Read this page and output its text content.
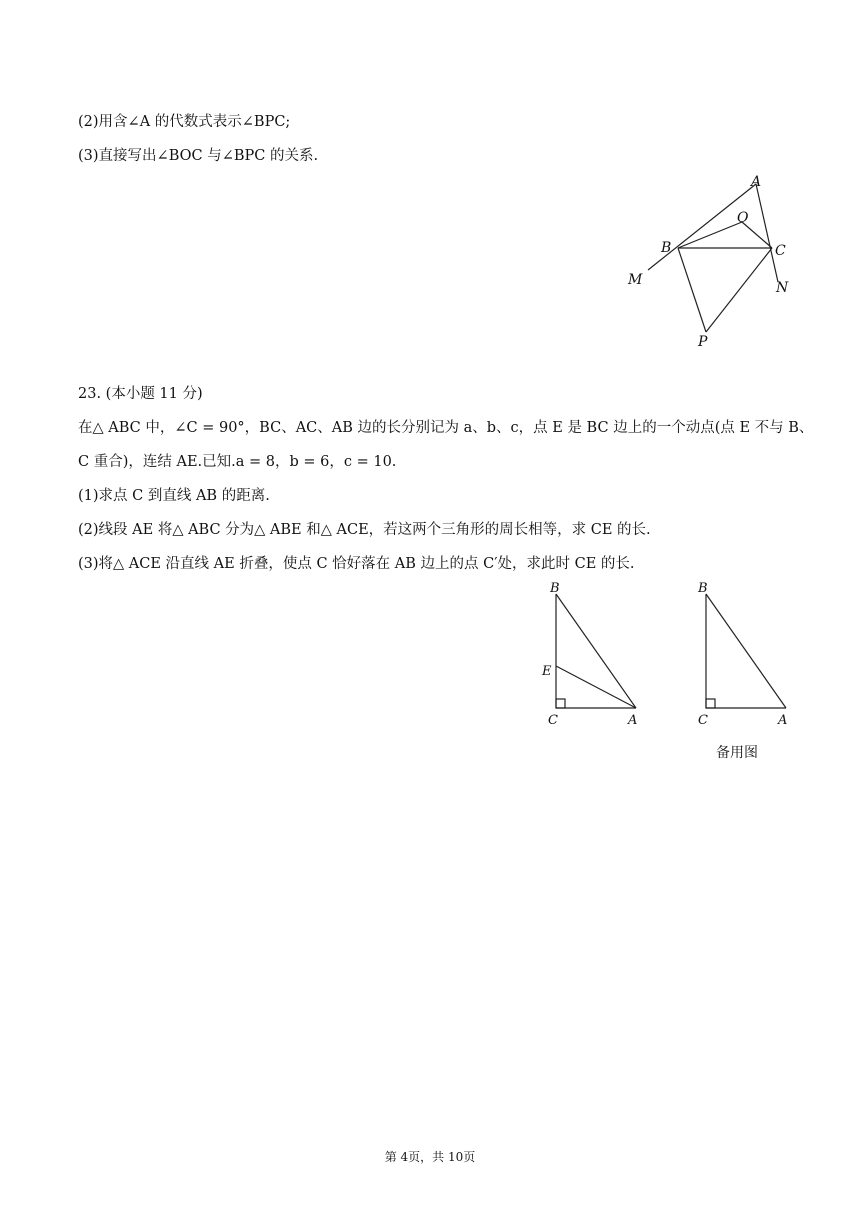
(2)用含∠A 的代数式表示∠BPC;
(3)直接写出∠BOC 与∠BPC 的关系.
A
O
B	C
M	N
P
23. (本小题 11 分)
在△ ABC 中，∠C = 90°，BC、AC、AB 边的长分别记为 a、b、c，点 E 是 BC 边上的一个动点(点 E 不与 B、
C 重合)，连结 AE.已知.a = 8，b = 6，c = 10.
(1)求点 C 到直线 AB 的距离.
(2)线段 AE 将△ ABC 分为△ ABE 和△ ACE，若这两个三角形的周长相等，求 CE 的长.
(3)将△ ACE 沿直线 AE 折叠，使点 C 恰好落在 AB 边上的点 C′处，求此时 CE 的长.
B
E
C	A
B
C	A
备用图
第 4页，共 10页
